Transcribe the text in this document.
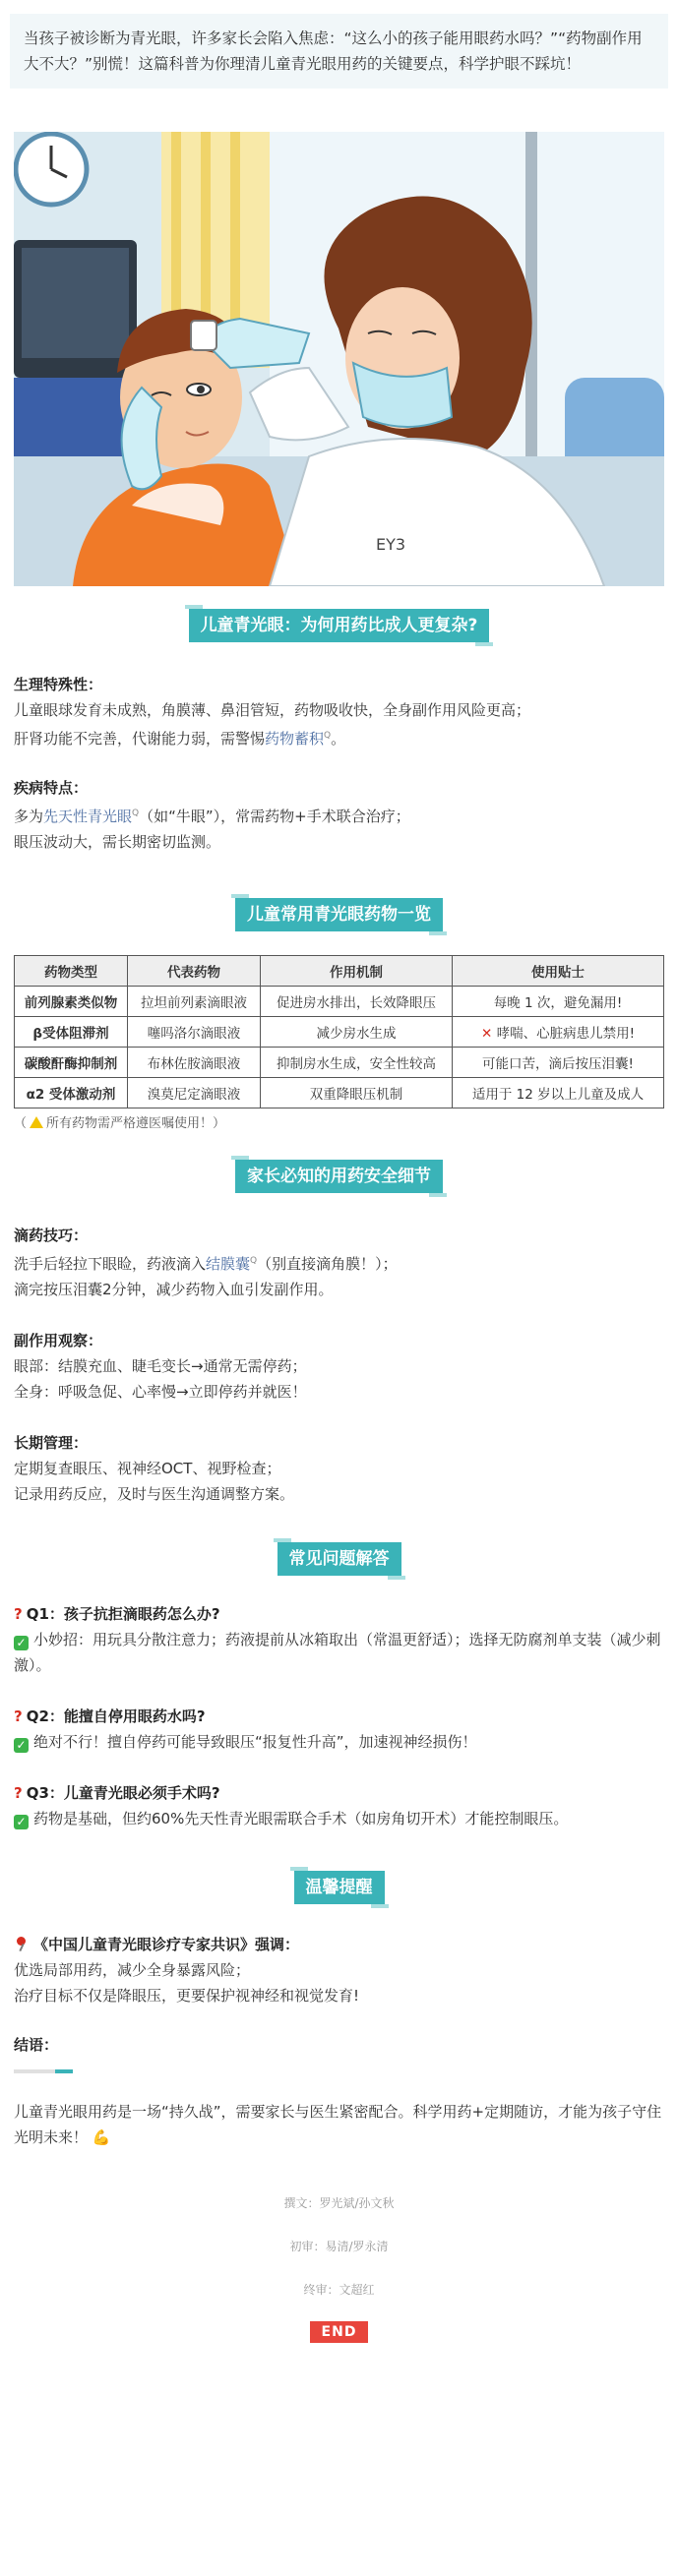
当孩子被诊断为青光眼，许多家长会陷入焦虑：“这么小的孩子能用眼药水吗？”“药物副作用大不大？”别慌！这篇科普为你理清儿童青光眼用药的关键要点，科学护眼不踩坑！
EY3
儿童青光眼：为何用药比成人更复杂?
生理特殊性：
儿童眼球发育未成熟，角膜薄、鼻泪管短，药物吸收快，全身副作用风险更高；
肝肾功能不完善，代谢能力弱，需警惕药物蓄积$^Q$。
疾病特点：
多为先天性青光眼$^Q$（如“牛眼”），常需药物+手术联合治疗；
眼压波动大，需长期密切监测。
儿童常用青光眼药物一览
药物类型	代表药物	作用机制	使用贴士
前列腺素类似物	拉坦前列素滴眼液	促进房水排出，长效降眼压	每晚 1 次，避免漏用!
β受体阻滞剂	噻吗洛尔滴眼液	减少房水生成	✕ 哮喘、心脏病患儿禁用!
碳酸酐酶抑制剂	布林佐胺滴眼液	抑制房水生成，安全性较高	可能口苦，滴后按压泪囊!
α2 受体激动剂	溴莫尼定滴眼液	双重降眼压机制	适用于 12 岁以上儿童及成人
（ 所有药物需严格遵医嘱使用！）
家长必知的用药安全细节
滴药技巧：
洗手后轻拉下眼睑，药液滴入结膜囊$^Q$（别直接滴角膜！）；
滴完按压泪囊2分钟，减少药物入血引发副作用。
副作用观察：
眼部：结膜充血、睫毛变长→通常无需停药；
全身：呼吸急促、心率慢→立即停药并就医！
长期管理：
定期复查眼压、视神经OCT、视野检查；
记录用药反应，及时与医生沟通调整方案。
常见问题解答
? Q1：孩子抗拒滴眼药怎么办?
✓ 小妙招：用玩具分散注意力；药液提前从冰箱取出（常温更舒适）；选择无防腐剂单支装（减少刺激）。
? Q2：能擅自停用眼药水吗?
✓ 绝对不行！擅自停药可能导致眼压“报复性升高”，加速视神经损伤！
? Q3：儿童青光眼必须手术吗?
✓ 药物是基础，但约60%先天性青光眼需联合手术（如房角切开术）才能控制眼压。
温馨提醒
《中国儿童青光眼诊疗专家共识》强调：
优选局部用药，减少全身暴露风险；
治疗目标不仅是降眼压，更要保护视神经和视觉发育!
结语：
儿童青光眼用药是一场“持久战”，需要家长与医生紧密配合。科学用药+定期随访，才能为孩子守住光明未来！ 💪
撰文：罗光斌/孙文秋
初审：易清/罗永清
终审：文超红
END
